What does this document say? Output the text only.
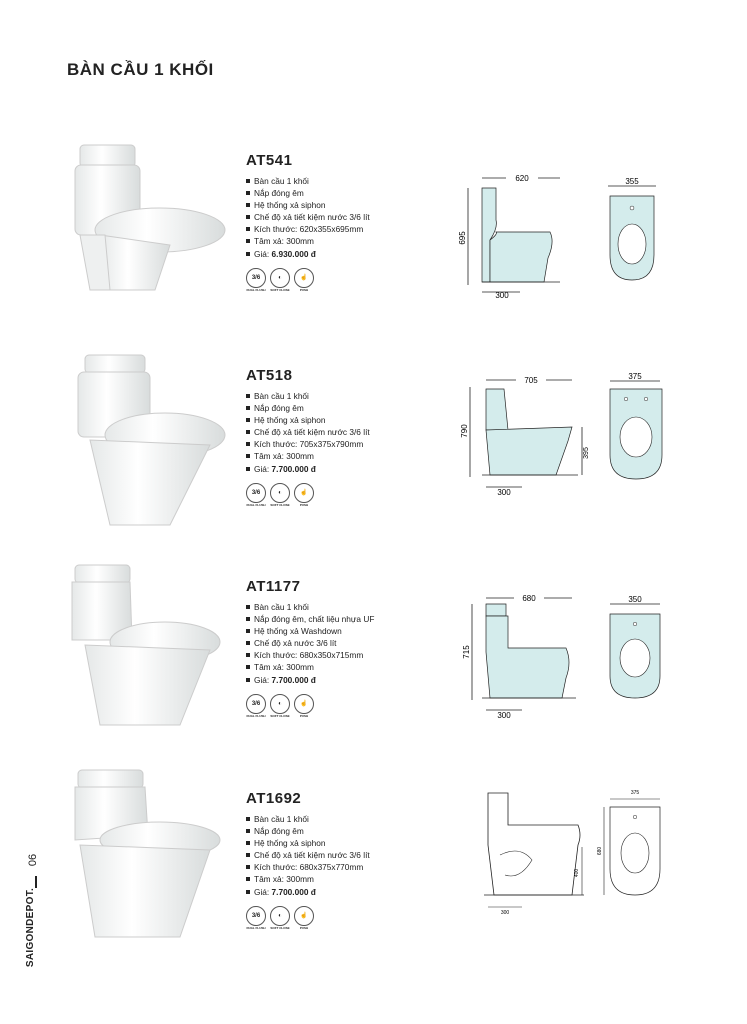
BÀN CẦU 1 KHỐI
AT541
Bàn cầu 1 khối
Nắp đóng êm
Hệ thống xả siphon
Chế độ xả tiết kiệm nước 3/6 lít
Kích thước: 620x355x695mm
Tâm xả: 300mm
Giá: 6.930.000 đ
3/6
DUAL FLUSH
◐
SOFT CLOSE
☝
PUSH
620
695
300
355
AT518
Bàn cầu 1 khối
Nắp đóng êm
Hệ thống xả siphon
Chế độ xả tiết kiệm nước 3/6 lít
Kích thước: 705x375x790mm
Tâm xả: 300mm
Giá: 7.700.000 đ
3/6
DUAL FLUSH
◐
SOFT CLOSE
☝
PUSH
705
790
395
300
375
AT1177
Bàn cầu 1 khối
Nắp đóng êm, chất liệu nhựa UF
Hệ thống xả Washdown
Chế độ xả nước 3/6 lít
Kích thước: 680x350x715mm
Tâm xả: 300mm
Giá: 7.700.000 đ
3/6
DUAL FLUSH
◐
SOFT CLOSE
☝
PUSH
680
715
300
350
AT1692
Bàn cầu 1 khối
Nắp đóng êm
Hệ thống xả siphon
Chế độ xả tiết kiệm nước 3/6 lít
Kích thước: 680x375x770mm
Tâm xả: 300mm
Giá: 7.700.000 đ
3/6
DUAL FLUSH
◐
SOFT CLOSE
☝
PUSH
400
300
375
680
06
SAIGONDEPOT.
